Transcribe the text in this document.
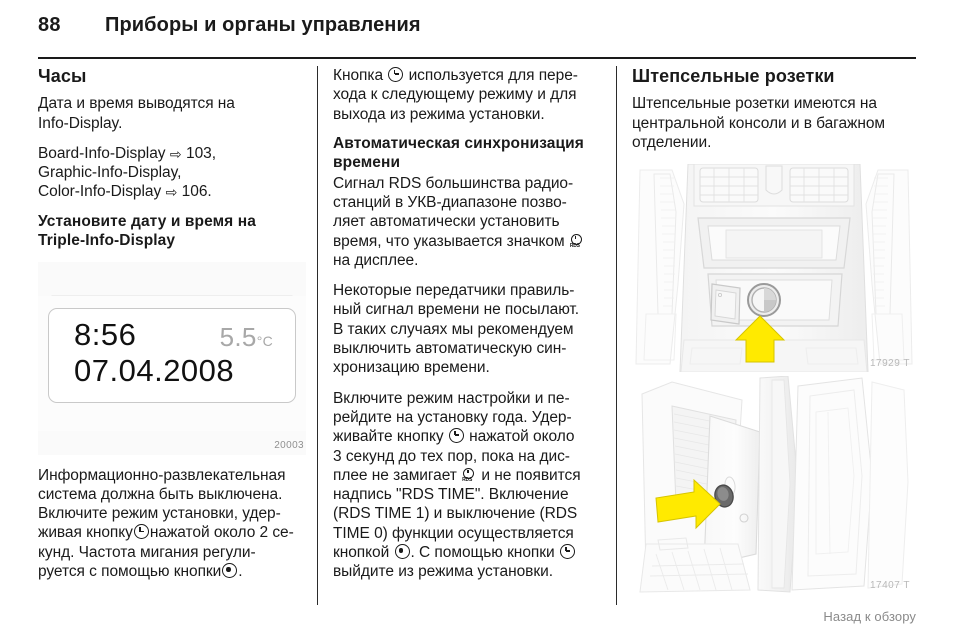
88 Приборы и органы управления
Часы

Дата и время выводятся на
Info-Display.

Board-Info-Display ⇨ 103,
Graphic-Info-Display,
Color-Info-Display ⇨ 106.

Установите дату и время на
Triple-Info-Display
8:56	5.5°C
07.04.2008
20003

Информационно-развлекательная
система должна быть выключена.
Включите режим установки, удер-
живая кнопку нажатой около 2 се-
кунд. Частота мигания регули-
руется с помощью кнопки .

Кнопка используется для пере-
хода к следующему режиму и для
выхода из режима установки.

Автоматическая синхронизация
времени

Сигнал RDS большинства радио-
станций в УКВ-диапазоне позво-
ляет автоматически установить
время, что указывается значком RDS

на дисплее.

Некоторые передатчики правиль-
ный сигнал времени не посылают.
В таких случаях мы рекомендуем
выключить автоматическую син-
хронизацию времени.

Включите режим настройки и пе-
рейдите на установку года. Удер-
живайте кнопку нажатой около
3 секунд до тех пор, пока на дис-
плее не замигает RDS и не появится
надпись "RDS TIME". Включение
(RDS TIME 1) и выключение (RDS
TIME 0) функции осуществляется
кнопкой . С помощью кнопки
выйдите из режима установки.

Штепсельные розетки

Штепсельные розетки имеются на
центральной консоли и в багажном
отделении.

17929 T
17407 T
Назад к обзору
